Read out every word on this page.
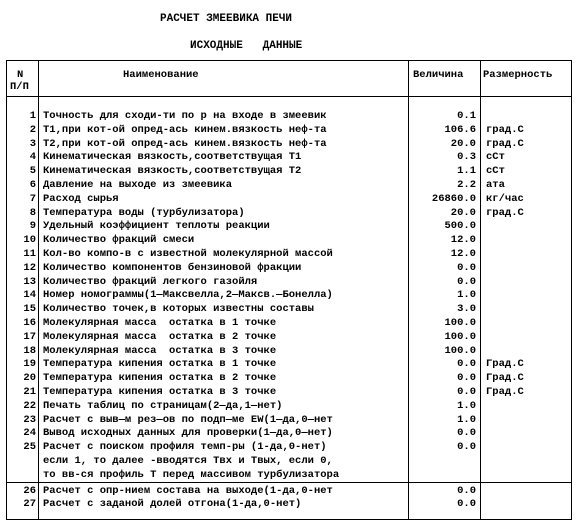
РАСЧЕТ ЗМЕЕВИКА ПЕЧИ
ИСХОДНЫЕ   ДАННЫЕ
N
П/П
Наименование	Величина Размерность
1 Точность для сходи-ти по р на входе в змеевик	0.1
2 Т1,при кот-ой опред-ась кинем.вязкость неф-та	106.6 град.С
3 Т2,при кот-ой опред-ась кинем.вязкость неф-та	20.0 град.С
4 Кинематическая вязкость,соответствущая Т1	0.3 сСт
5 Кинематическая вязкость,соответствущая Т2	1.1 сСт
6 Давление на выходе из змеевика	2.2 ата
7 Расход сырья	26860.0 кг/час
8 Температура воды (турбулизатора)	20.0 град.С
9 Удельный коэффициент теплоты реакции	500.0
10 Количество фракций смеси	12.0
11 Кол-во компо-в с известной молекулярной массой	12.0
12 Количество компонентов бензиновой фракции	0.0
13 Количество фракций легкого газойля	0.0
14 Номер номограммы(1—Максвелла,2—Максв.—Бонелла)	1.0
15 Количество точек,в которых известны составы	3.0
16 Молекулярная масса  остатка в 1 точке	100.0
17 Молекулярная масса  остатка в 2 точке	100.0
18 Молекулярная масса  остатка в 3 точке	100.0
19 Температура кипения остатка в 1 точке	0.0 Град.С
20 Температура кипения остатка в 2 точке	0.0 Град.С
21 Температура кипения остатка в 3 точке	0.0 Град.С
22 Печать таблиц по страницам(2—да,1—нет)	1.0
23 Расчет с выв—м рез—ов по подп—ме EW(1—да,0—нет	1.0
24 Вывод исходных данных для проверки(1—да,0—нет)	0.0
25 Расчет с поиском профиля темп-ры (1-да,0-нет)	0.0
если 1, то далее -вводятся Твх и Твых, если 0,
то вв-ся профиль Т перед массивом турбулизатора
26 Расчет с опр-нием состава на выходе(1-да,0-нет	0.0
27 Расчет с заданой долей отгона(1-да,0-нет)	0.0
